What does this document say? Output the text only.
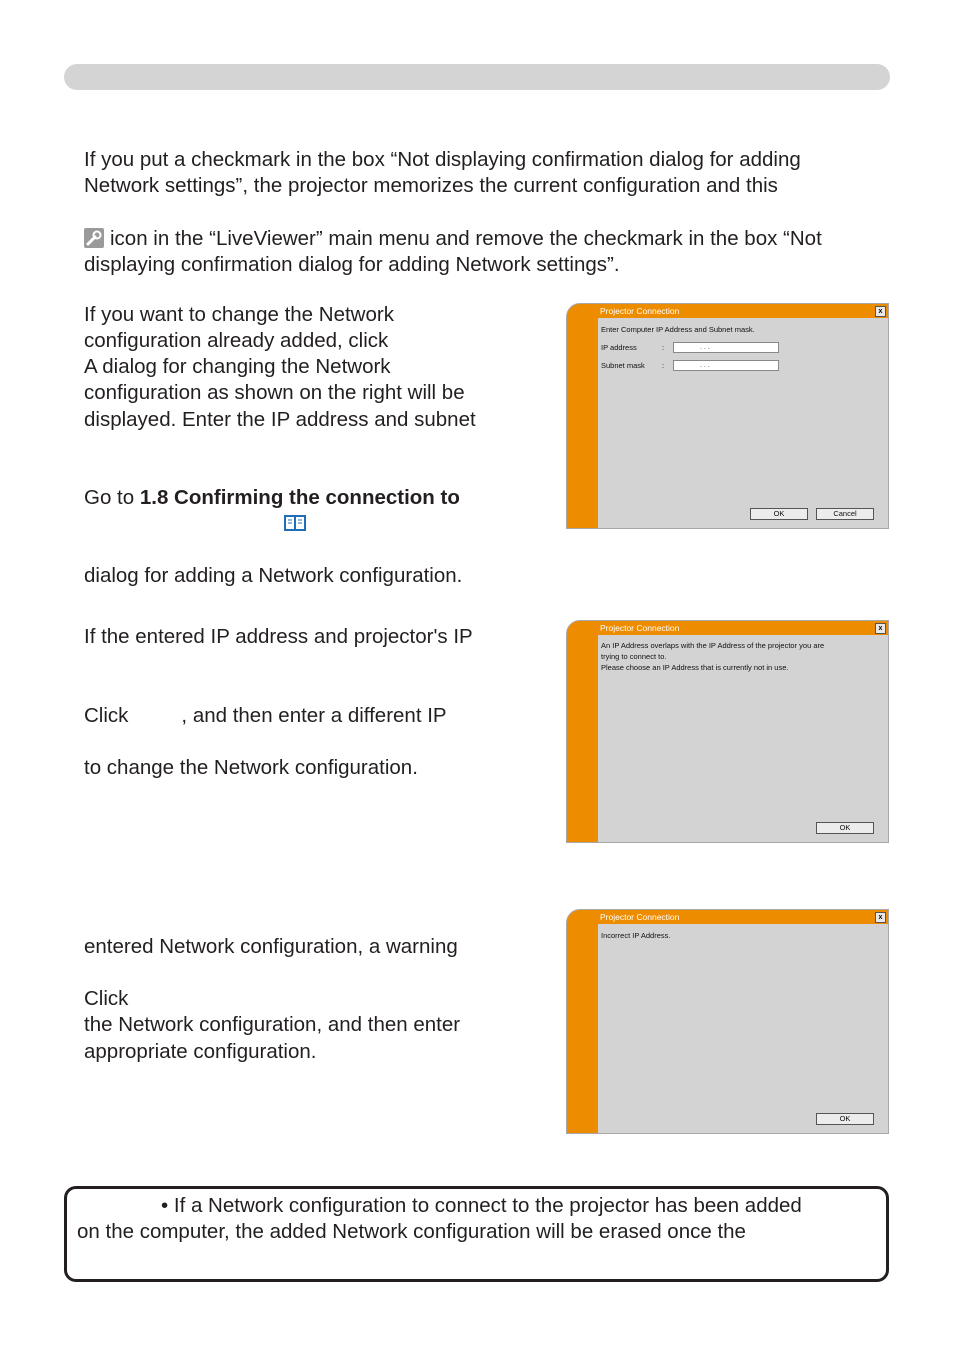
If you put a checkmark in the box “Not displaying confirmation dialog for adding

Network settings”, the projector memorizes the current configuration and this

icon in the “LiveViewer” main menu and remove the checkmark in the box “Not

displaying confirmation dialog for adding Network settings”.

If you want to change the Network

configuration already added, click

A dialog for changing the Network

configuration as shown on the right will be

displayed. Enter the IP address and subnet

Go to 1.8 Confirming the connection to

dialog for adding a Network configuration.

If the entered IP address and projector's IP

Click	, and then enter a different IP

to change the Network configuration.

entered Network configuration, a warning

Click

the Network configuration, and then enter

appropriate configuration.

Projector Connection	x

Enter Computer IP Address and Subnet mask.

IP address	:	. . .

Subnet mask :	. . .
OK	Cancel
Projector Connection	x

An IP Address overlaps with the IP Address of the projector you are

trying to connect to.

Please choose an IP Address that is currently not in use.

OK
Projector Connection	x

Incorrect IP Address.

OK

• If a Network configuration to connect to the projector has been added

on the computer, the added Network configuration will be erased once the
